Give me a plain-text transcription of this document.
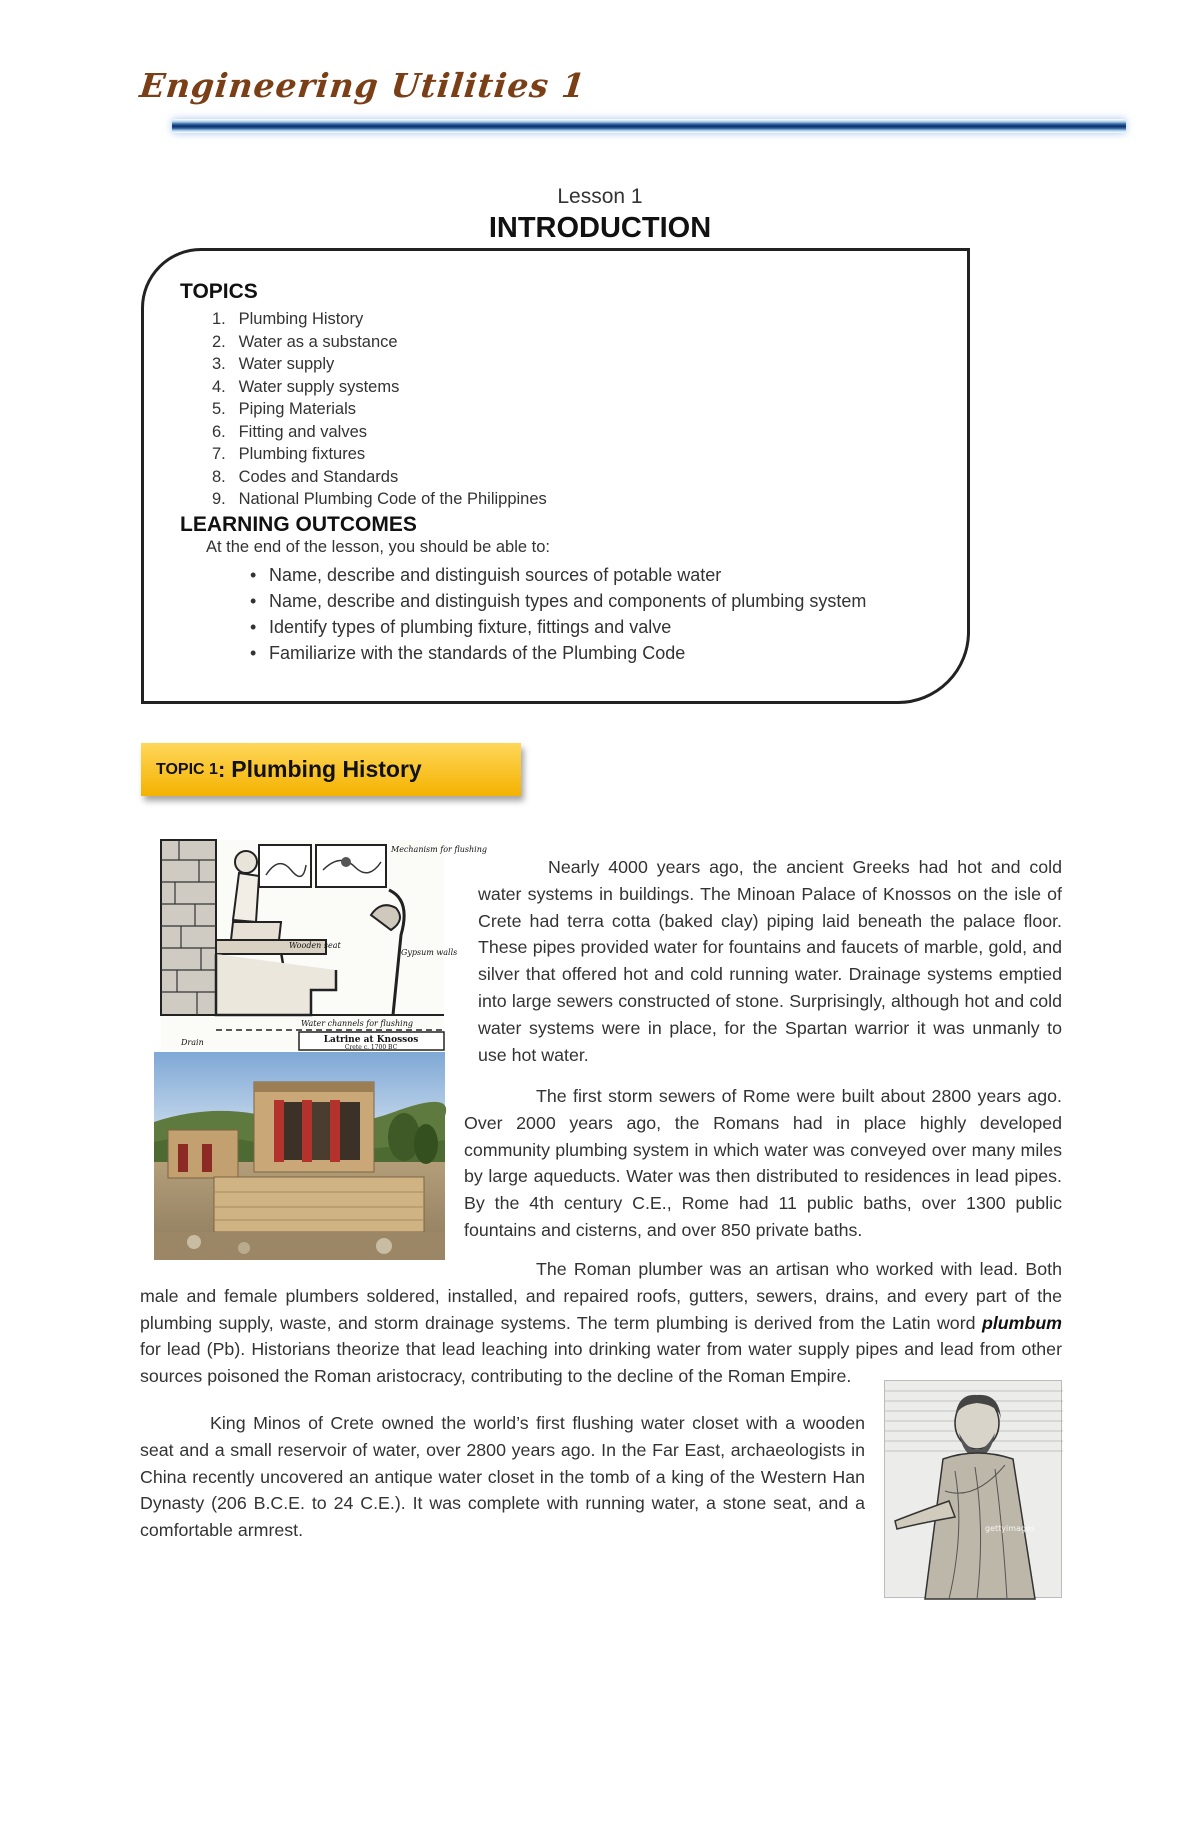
Engineering Utilities 1
Lesson 1
INTRODUCTION
TOPICS
1. Plumbing History
2. Water as a substance
3. Water supply
4. Water supply systems
5. Piping Materials
6. Fitting and valves
7. Plumbing fixtures
8. Codes and Standards
9. National Plumbing Code of the Philippines
LEARNING OUTCOMES
At the end of the lesson, you should be able to:
• Name, describe and distinguish sources of potable water
• Name, describe and distinguish types and components of plumbing system
• Identify types of plumbing fixture, fittings and valve
• Familiarize with the standards of the Plumbing Code
TOPIC 1 : Plumbing History
Mechanism for flushing
Wooden seat
Gypsum walls
Water channels for flushing
Drain	Latrine at Knossos
Crete c. 1700 BC
gettyimages

Nearly 4000 years ago, the ancient Greeks had hot and cold water systems in buildings. The Minoan Palace of Knossos on the isle of Crete had terra cotta (baked clay) piping laid beneath the palace floor. These pipes provided water for fountains and faucets of marble, gold, and silver that offered hot and cold running water. Drainage systems emptied into large sewers constructed of stone. Surprisingly, although hot and cold water systems were in place, for the Spartan warrior it was unmanly to use hot water.

The first storm sewers of Rome were built about 2800 years ago. Over 2000 years ago, the Romans had in place highly developed community plumbing system in which water was conveyed over many miles by large aqueducts. Water was then distributed to residences in lead pipes. By the 4th century C.E., Rome had 11 public baths, over 1300 public fountains and cisterns, and over 850 private baths.

The Roman plumber was an artisan who worked with lead. Both male and female plumbers soldered, installed, and repaired roofs, gutters, sewers, drains, and every part of the plumbing supply, waste, and storm drainage systems. The term plumbing is derived from the Latin word plumbum for lead (Pb). Historians theorize that lead leaching into drinking water from water supply pipes and lead from other sources poisoned the Roman aristocracy, contributing to the decline of the Roman Empire.

King Minos of Crete owned the world’s first flushing water closet with a wooden seat and a small reservoir of water, over 2800 years ago. In the Far East, archaeologists in China recently uncovered an antique water closet in the tomb of a king of the Western Han Dynasty (206 B.C.E. to 24 C.E.). It was complete with running water, a stone seat, and a comfortable armrest.
